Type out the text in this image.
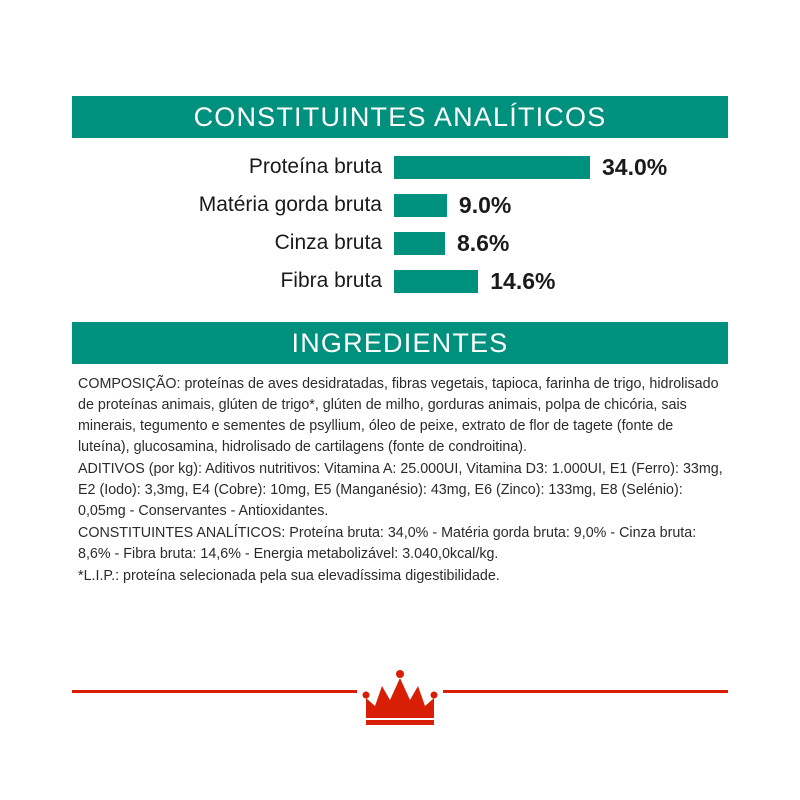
CONSTITUINTES ANALÍTICOS
Proteína bruta	34.0%
Matéria gorda bruta	9.0%
Cinza bruta	8.6%
Fibra bruta	14.6%
INGREDIENTES

COMPOSIÇÃO: proteínas de aves desidratadas, fibras vegetais, tapioca, farinha de trigo, hidrolisado de proteínas animais, glúten de trigo*, glúten de milho, gorduras animais, polpa de chicória, sais minerais, tegumento e sementes de psyllium, óleo de peixe, extrato de flor de tagete (fonte de luteína), glucosamina, hidrolisado de cartilagens (fonte de condroitina).

ADITIVOS (por kg): Aditivos nutritivos: Vitamina A: 25.000UI, Vitamina D3: 1.000UI, E1 (Ferro): 33mg, E2 (Iodo): 3,3mg, E4 (Cobre): 10mg, E5 (Manganésio): 43mg, E6 (Zinco): 133mg, E8 (Selénio): 0,05mg - Conservantes - Antioxidantes.

CONSTITUINTES ANALÍTICOS: Proteína bruta: 34,0% - Matéria gorda bruta: 9,0% - Cinza bruta: 8,6% - Fibra bruta: 14,6% - Energia metabolizável: 3.040,0kcal/kg.

*L.I.P.: proteína selecionada pela sua elevadíssima digestibilidade.
